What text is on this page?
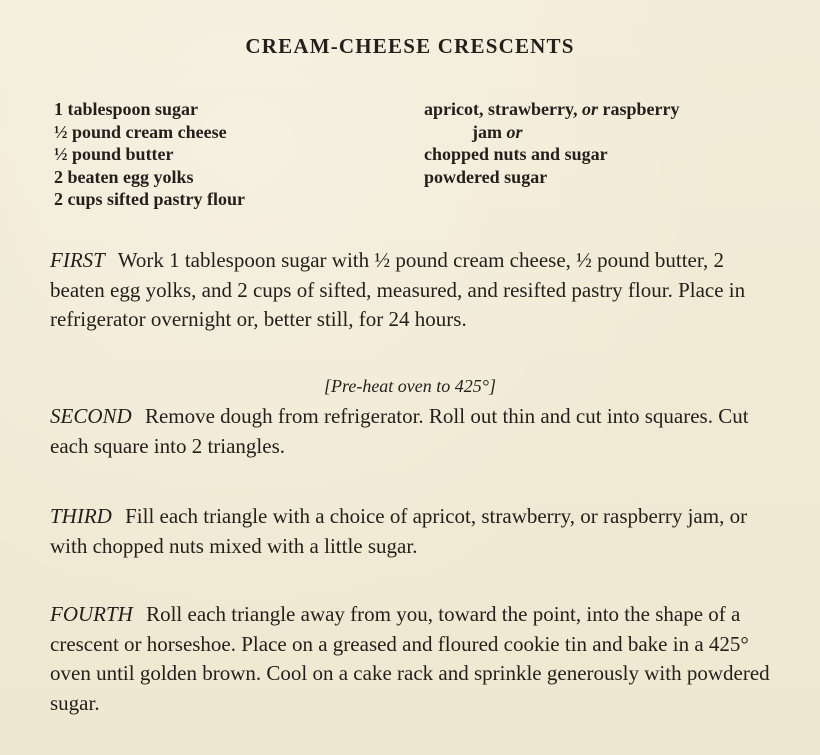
CREAM-CHEESE CRESCENTS
1 tablespoon sugar
½ pound cream cheese
½ pound butter
2 beaten egg yolks
2 cups sifted pastry flour
apricot, strawberry, or raspberry
jam or
chopped nuts and sugar
powdered sugar
FIRST Work 1 tablespoon sugar with ½ pound cream cheese, ½ pound butter, 2 beaten egg yolks, and 2 cups of sifted, measured, and resifted pastry flour. Place in refrigerator overnight or, better still, for 24 hours.
[Pre-heat oven to 425°]
SECOND Remove dough from refrigerator. Roll out thin and cut into squares. Cut each square into 2 triangles.
THIRD Fill each triangle with a choice of apricot, strawberry, or raspberry jam, or with chopped nuts mixed with a little sugar.
FOURTH Roll each triangle away from you, toward the point, into the shape of a crescent or horseshoe. Place on a greased and floured cookie tin and bake in a 425° oven until golden brown. Cool on a cake rack and sprinkle generously with powdered sugar.
